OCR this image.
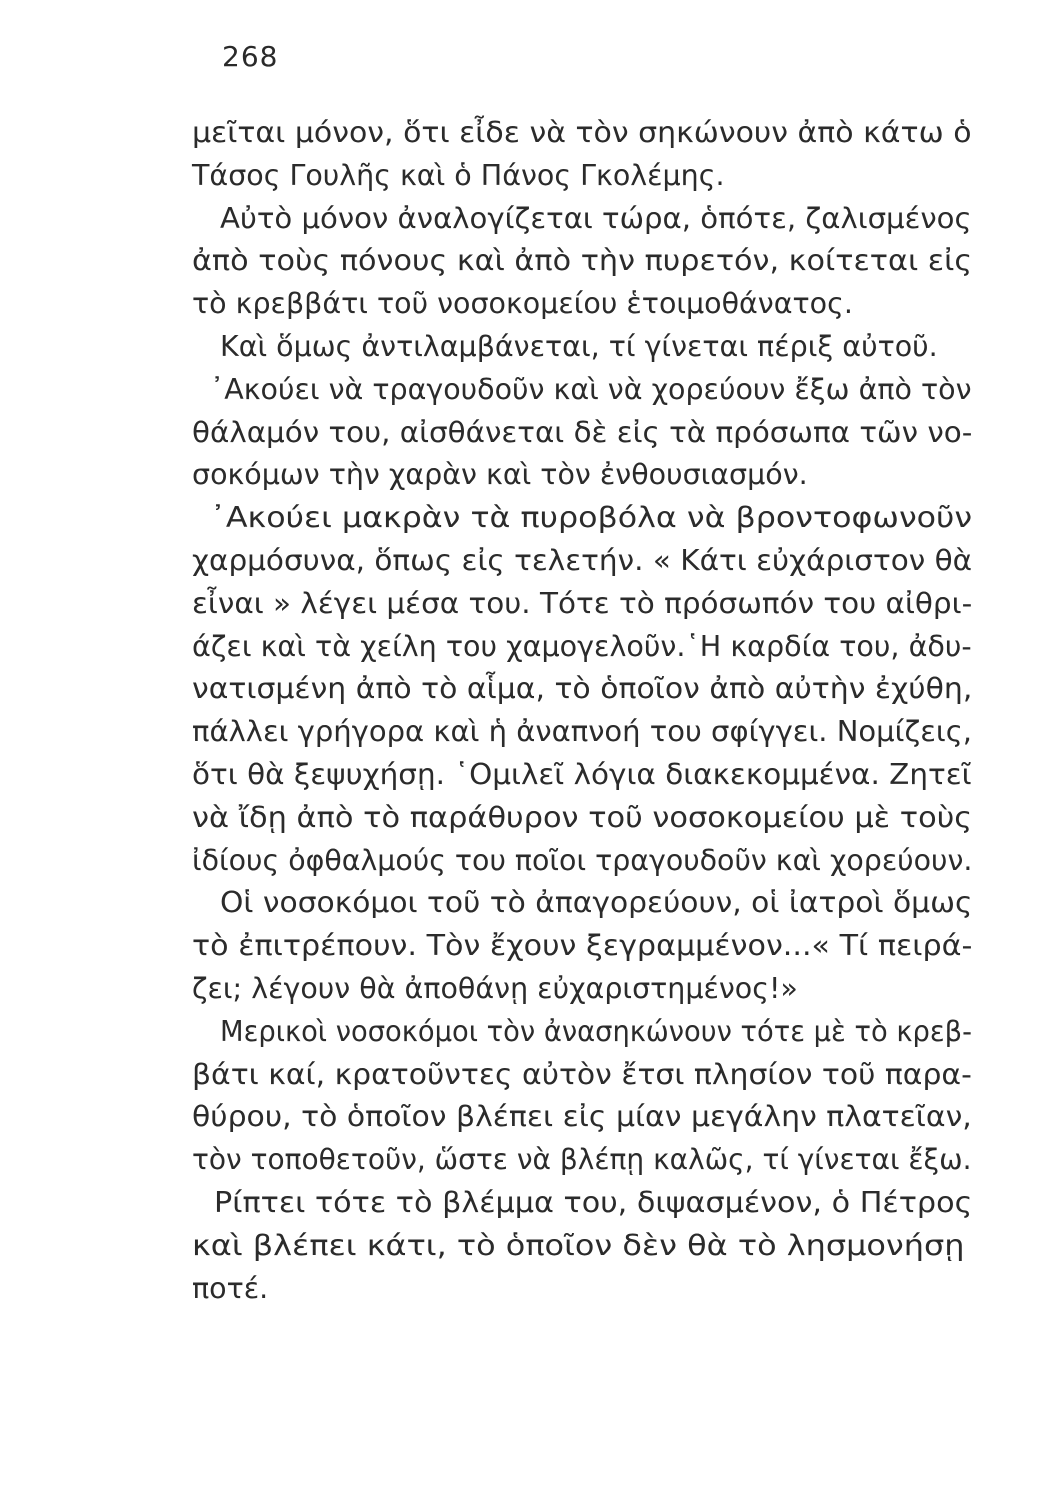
268
μεῖται μόνον, ὅτι εἶδε νὰ τὸν σηκώνουν ἀπὸ κάτω ὁ
Τάσος Γουλῆς καὶ ὁ Πάνος Γκολέμης.
Αὐτὸ μόνον ἀναλογίζεται τώρα, ὁπότε, ζαλισμένος
ἀπὸ τοὺς πόνους καὶ ἀπὸ τὴν πυρετόν, κοίτεται εἰς
τὸ κρεββάτι τοῦ νοσοκομείου ἑτοιμοθάνατος.
Καὶ ὅμως ἀντιλαμβάνεται, τί γίνεται πέριξ αὐτοῦ.
᾿Ακούει νὰ τραγουδοῦν καὶ νὰ χορεύουν ἔξω ἀπὸ τὸν
θάλαμόν του, αἰσθάνεται δὲ εἰς τὰ πρόσωπα τῶν νο-
σοκόμων τὴν χαρὰν καὶ τὸν ἐνθουσιασμόν.
᾿Ακούει μακρὰν τὰ πυροβόλα νὰ βροντοφωνοῦν
χαρμόσυνα, ὅπως εἰς τελετήν. « Κάτι εὐχάριστον θὰ
εἶναι » λέγει μέσα του. Τότε τὸ πρόσωπόν του αἰθρι-
άζει καὶ τὰ χείλη του χαμογελοῦν.῾Η καρδία του, ἀδυ-
νατισμένη ἀπὸ τὸ αἷμα, τὸ ὁποῖον ἀπὸ αὐτὴν ἐχύθη,
πάλλει γρήγορα καὶ ἡ ἀναπνοή του σφίγγει. Νομίζεις,
ὅτι θὰ ξεψυχήσῃ. ῾Ομιλεῖ λόγια διακεκομμένα. Ζητεῖ
νὰ ἴδῃ ἀπὸ τὸ παράθυρον τοῦ νοσοκομείου μὲ τοὺς
ἰδίους ὀφθαλμούς του ποῖοι τραγουδοῦν καὶ χορεύουν.
Οἱ νοσοκόμοι τοῦ τὸ ἀπαγορεύουν, οἱ ἰατροὶ ὅμως
τὸ ἐπιτρέπουν. Τὸν ἔχουν ξεγραμμένον...« Τί πειρά-
ζει; λέγουν θὰ ἀποθάνῃ εὐχαριστημένος!»
Μερικοὶ νοσοκόμοι τὸν ἀνασηκώνουν τότε μὲ τὸ κρεβ-
βάτι καί, κρατοῦντες αὐτὸν ἔτσι πλησίον τοῦ παρα-
θύρου, τὸ ὁποῖον βλέπει εἰς μίαν μεγάλην πλατεῖαν,
τὸν τοποθετοῦν, ὥστε νὰ βλέπῃ καλῶς, τί γίνεται ἔξω.
Ρίπτει τότε τὸ βλέμμα του, διψασμένον, ὁ Πέτρος
καὶ βλέπει κάτι, τὸ ὁποῖον δὲν θὰ τὸ λησμονήσῃ
ποτέ.
